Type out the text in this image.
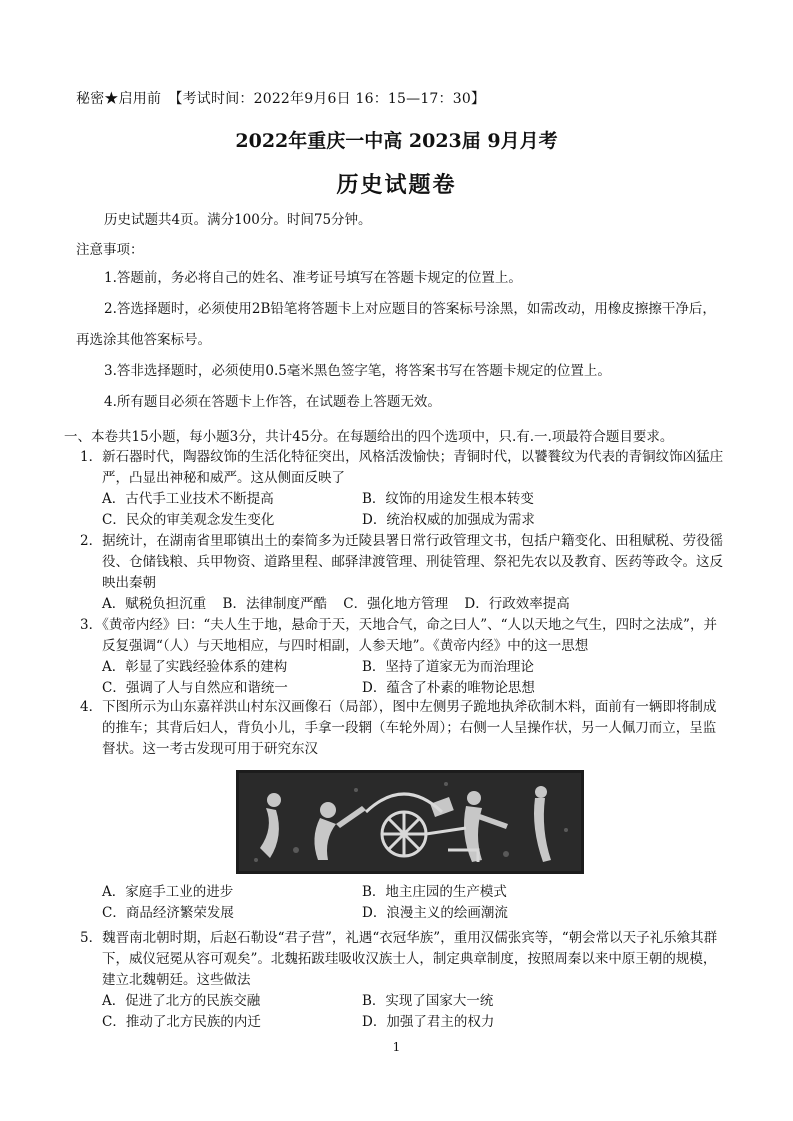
秘密★启用前　【考试时间：2022年9月6日 16：15—17：30】
2022年重庆一中高 2023届 9月月考
历史试题卷
历史试题共4页。满分100分。时间75分钟。
注意事项：
1.答题前，务必将自己的姓名、准考证号填写在答题卡规定的位置上。
2.答选择题时，必须使用2B铅笔将答题卡上对应题目的答案标号涂黑，如需改动，用橡皮擦擦干净后，再选涂其他答案标号。
3.答非选择题时，必须使用0.5毫米黑色签字笔，将答案书写在答题卡规定的位置上。
4.所有题目必须在答题卡上作答，在试题卷上答题无效。
一、本卷共15小题，每小题3分，共计45分。在每题给出的四个选项中，只.有.一.项最符合题目要求。
1．新石器时代，陶器纹饰的生活化特征突出，风格活泼愉快；青铜时代，以饕餮纹为代表的青铜纹饰凶猛庄严，凸显出神秘和威严。这从侧面反映了
A．古代手工业技术不断提高	B．纹饰的用途发生根本转变
C．民众的审美观念发生变化	D．统治权威的加强成为需求
2．据统计，在湖南省里耶镇出土的秦简多为迁陵县署日常行政管理文书，包括户籍变化、田租赋税、劳役徭役、仓储钱粮、兵甲物资、道路里程、邮驿津渡管理、刑徒管理、祭祀先农以及教育、医药等政令。这反映出秦朝
A．赋税负担沉重 B．法律制度严酷 C．强化地方管理 D．行政效率提高
3．《黄帝内经》曰：“夫人生于地，悬命于天，天地合气，命之曰人”、“人以天地之气生，四时之法成”，并反复强调“（人）与天地相应，与四时相副，人参天地”。《黄帝内经》中的这一思想
A．彰显了实践经验体系的建构	B．坚持了道家无为而治理论
C．强调了人与自然应和谐统一	D．蕴含了朴素的唯物论思想
4．下图所示为山东嘉祥洪山村东汉画像石（局部），图中左侧男子跪地执斧砍制木料，面前有一辆即将制成的推车；其背后妇人，背负小儿，手拿一段辋（车轮外周）；右侧一人呈操作状，另一人佩刀而立，呈监督状。这一考古发现可用于研究东汉
A．家庭手工业的进步	B．地主庄园的生产模式
C．商品经济繁荣发展	D．浪漫主义的绘画潮流
5．魏晋南北朝时期，后赵石勒设“君子营”，礼遇“衣冠华族”，重用汉儒张宾等，“朝会常以天子礼乐飨其群下，威仪冠冕从容可观矣”。北魏拓跋珪吸收汉族士人，制定典章制度，按照周秦以来中原王朝的规模，建立北魏朝廷。这些做法
A．促进了北方的民族交融	B．实现了国家大一统
C．推动了北方民族的内迁	D．加强了君主的权力
1
